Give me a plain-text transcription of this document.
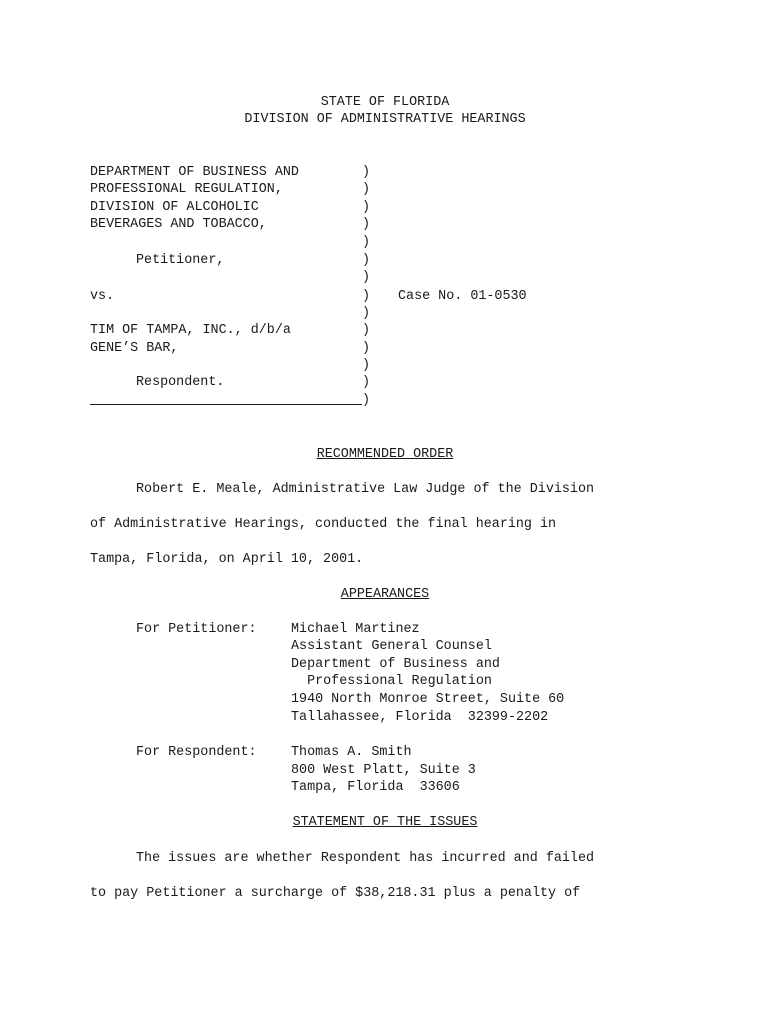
STATE OF FLORIDA
DIVISION OF ADMINISTRATIVE HEARINGS
DEPARTMENT OF BUSINESS AND
PROFESSIONAL REGULATION,
DIVISION OF ALCOHOLIC
BEVERAGES AND TOBACCO,
Petitioner,
vs.	Case No. 01-0530
TIM OF TAMPA, INC., d/b/a
GENE’S BAR,
Respondent.
)
)
)
)
)
)
)
)
)
)
)
)
)
)
RECOMMENDED ORDER
Robert E. Meale, Administrative Law Judge of the Division
of Administrative Hearings, conducted the final hearing in
Tampa, Florida, on April 10, 2001.
APPEARANCES
For Petitioner:	Michael Martinez
Assistant General Counsel
Department of Business and
Professional Regulation
1940 North Monroe Street, Suite 60
Tallahassee, Florida  32399-2202
For Respondent:	Thomas A. Smith
800 West Platt, Suite 3
Tampa, Florida  33606
STATEMENT OF THE ISSUES
The issues are whether Respondent has incurred and failed
to pay Petitioner a surcharge of $38,218.31 plus a penalty of
